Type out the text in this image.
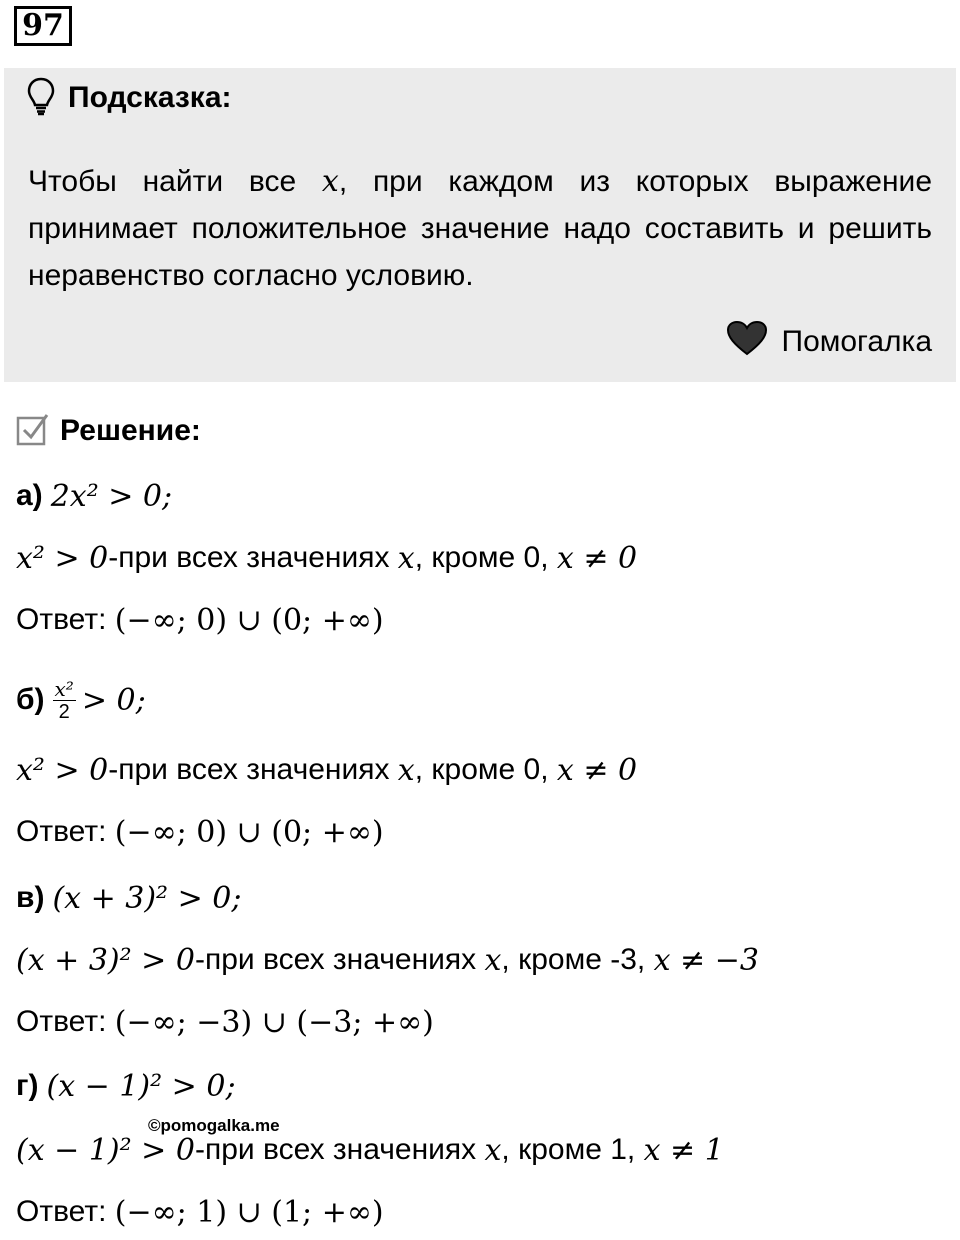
97
Подсказка:
Чтобы найти все x, при каждом из которых выражение принимает положительное значение надо составить и решить неравенство согласно условию.
Помогалка
Решение:
а) 2x² > 0;
x² > 0 -при всех значениях x , кроме 0, x ≠ 0
Ответ: (−∞; 0) ∪ (0; +∞)
$б) \frac{\text{x²}}{2} > 0$;
x² > 0 -при всех значениях x , кроме 0, x ≠ 0
Ответ: (−∞; 0) ∪ (0; +∞)
в) (x + 3)² > 0;
(x + 3)² > 0 -при всех значениях x , кроме -3, x ≠ −3
Ответ: (−∞; −3) ∪ (−3; +∞)
г) (x − 1)² > 0;
(x − 1)² > 0 -при всех значениях x , кроме 1, x ≠ 1
Ответ: (−∞; 1) ∪ (1; +∞)
©pomogalka.me
